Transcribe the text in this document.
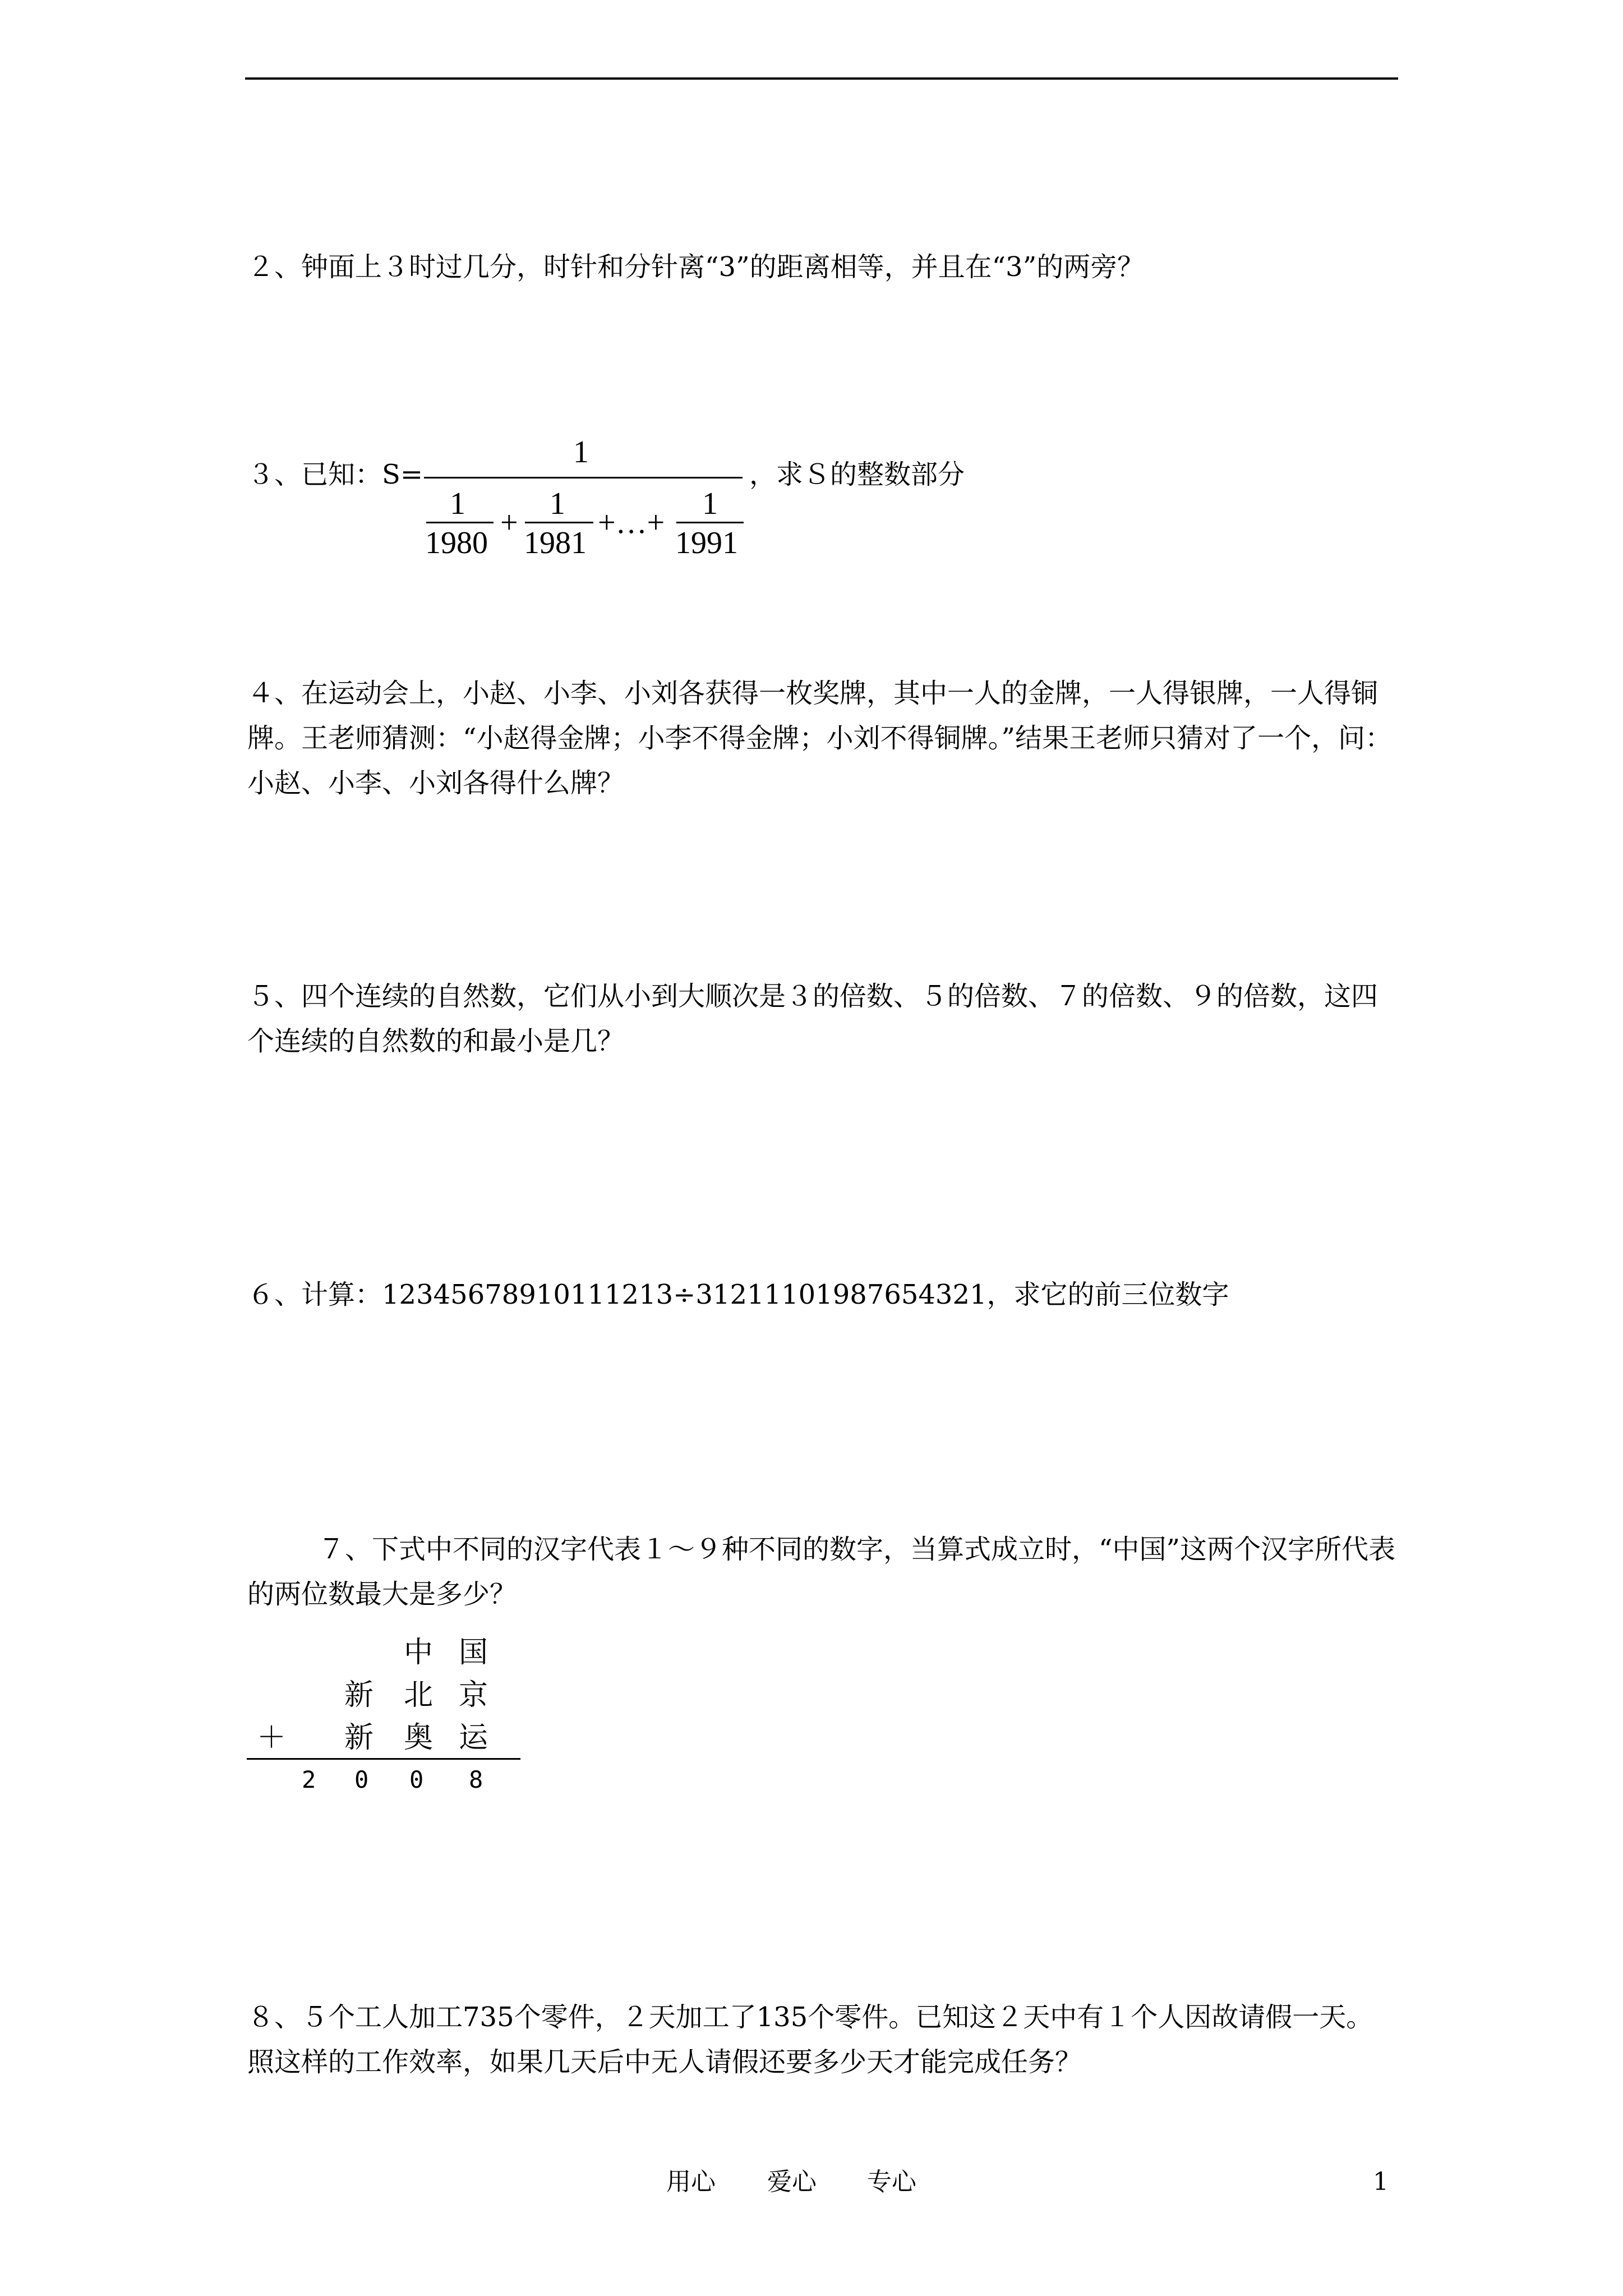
２、钟面上３时过几分，时针和分针离“3”的距离相等，并且在“3”的两旁？
３、已知：S=
1
，求Ｓ的整数部分
1
1980
+
1
1981
+…+
1
1991
４、在运动会上，小赵、小李、小刘各获得一枚奖牌，其中一人的金牌，一人得银牌，一人得铜牌。王老师猜测：“小赵得金牌；小李不得金牌；小刘不得铜牌。”结果王老师只猜对了一个，问：小赵、小李、小刘各得什么牌？
５、四个连续的自然数，它们从小到大顺次是３的倍数、５的倍数、７的倍数、９的倍数，这四个连续的自然数的和最小是几？
６、计算：12345678910111213÷31211101987654321，求它的前三位数字
７、下式中不同的汉字代表１～９种不同的数字，当算式成立时，“中国”这两个汉字所代表的两位数最大是多少？
中 国
新 北 京
＋ 新 奥 运
2 0 0 8
８、５个工人加工735个零件，２天加工了135个零件。已知这２天中有１个人因故请假一天。照这样的工作效率，如果几天后中无人请假还要多少天才能完成任务？
用心 爱心 专心	1
